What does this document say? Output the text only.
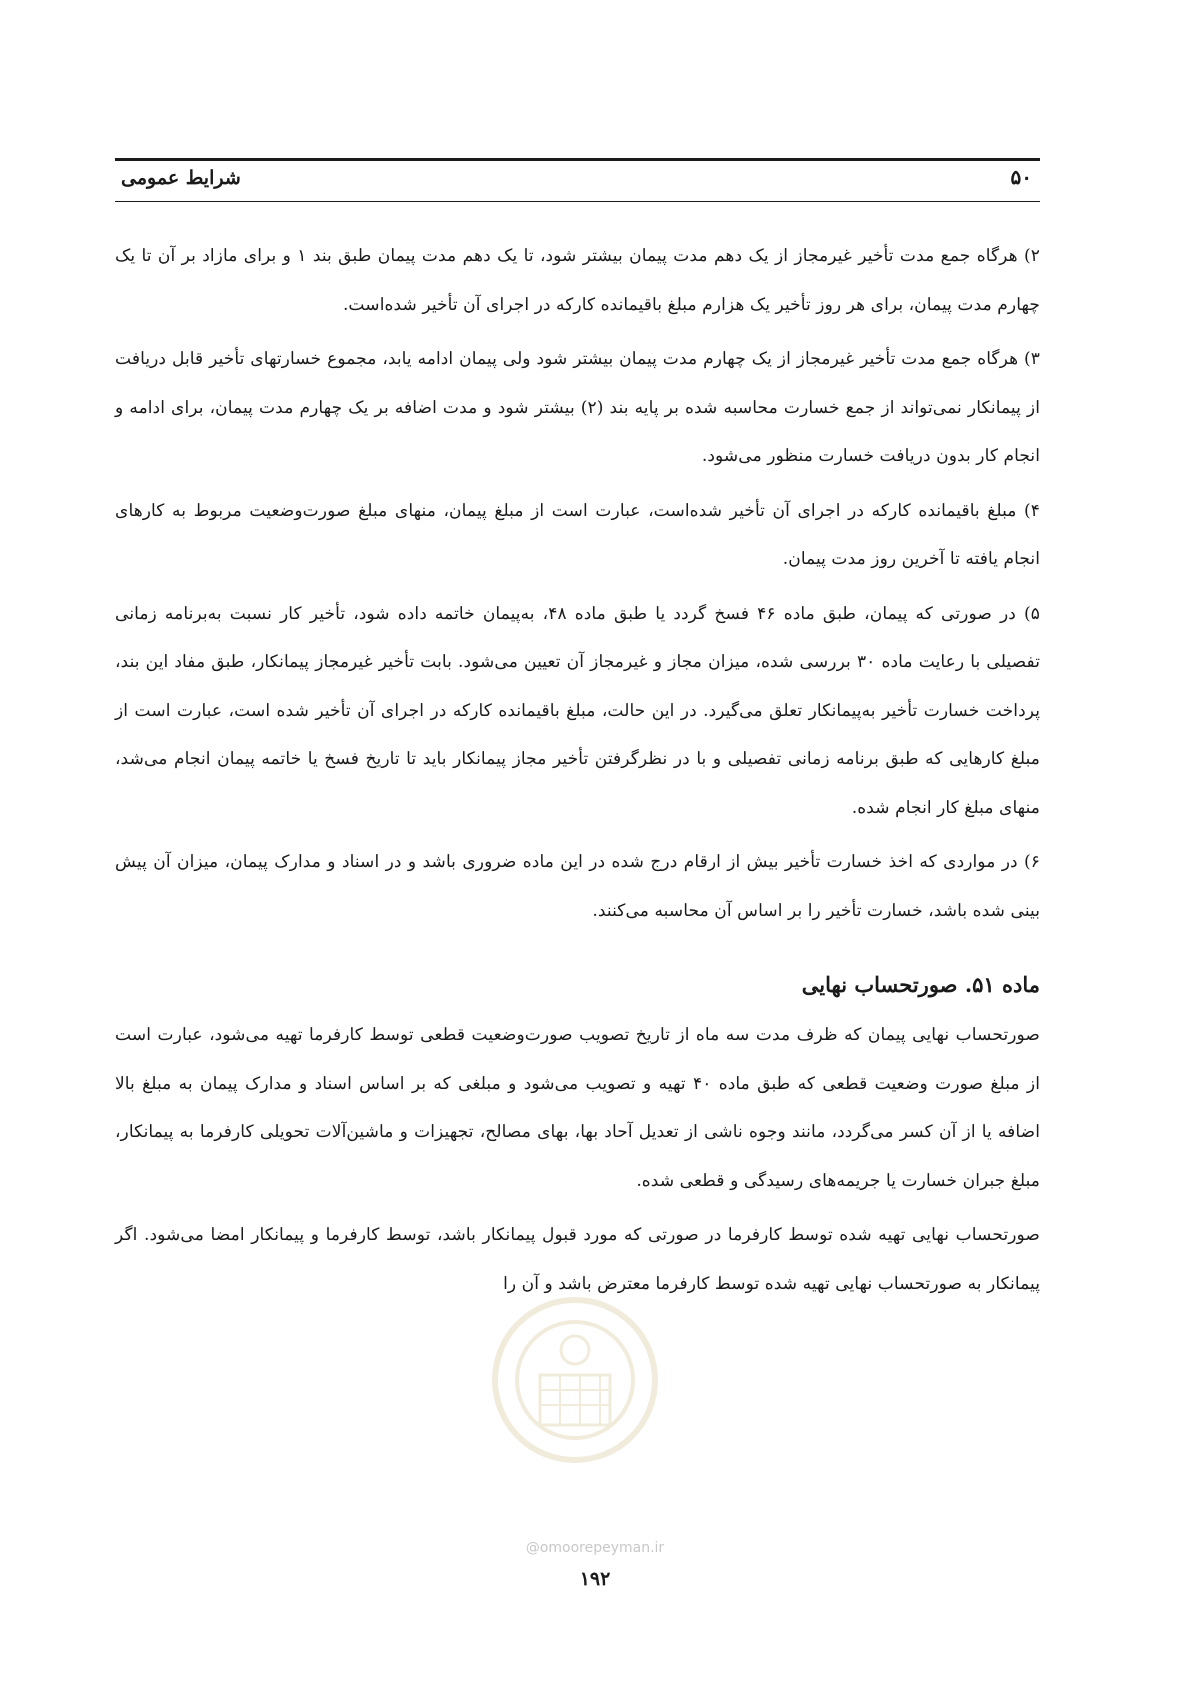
شرایط عمومی	۵۰

۲) هرگاه جمع مدت تأخیر غیرمجاز از یک دهم مدت پیمان بیشتر شود، تا یک دهم مدت پیمان طبق بند ۱ و برای مازاد بر آن تا یک چهارم مدت پیمان، برای هر روز تأخیر یک هزارم مبلغ باقیمانده کارکه در اجرای آن تأخیر شده‌است.

۳) هرگاه جمع مدت تأخیر غیرمجاز از یک چهارم مدت پیمان بیشتر شود ولی پیمان ادامه یابد، مجموع خسارتهای تأخیر قابل دریافت از پیمانکار نمی‌تواند از جمع خسارت محاسبه شده بر پایه بند (۲) بیشتر شود و مدت اضافه بر یک چهارم مدت پیمان، برای ادامه و انجام کار بدون دریافت خسارت منظور می‌شود.

۴) مبلغ باقیمانده کارکه در اجرای آن تأخیر شده‌است، عبارت است از مبلغ پیمان، منهای مبلغ صورت‌وضعیت مربوط به کارهای انجام یافته تا آخرین روز مدت پیمان.

۵) در صورتی که پیمان، طبق ماده ۴۶ فسخ گردد یا طبق ماده ۴۸، به‌پیمان خاتمه داده شود، تأخیر کار نسبت به‌برنامه زمانی تفصیلی با رعایت ماده ۳۰ بررسی شده، میزان مجاز و غیرمجاز آن تعیین می‌شود. بابت تأخیر غیرمجاز پیمانکار، طبق مفاد این بند، پرداخت خسارت تأخیر به‌پیمانکار تعلق می‌گیرد. در این حالت، مبلغ باقیمانده کارکه در اجرای آن تأخیر شده است، عبارت است از مبلغ کارهایی که طبق برنامه زمانی تفصیلی و با در نظرگرفتن تأخیر مجاز پیمانکار باید تا تاریخ فسخ یا خاتمه پیمان انجام می‌شد، منهای مبلغ کار انجام شده.

۶) در مواردی که اخذ خسارت تأخیر بیش از ارقام درج شده در این ماده ضروری باشد و در اسناد و مدارک پیمان، میزان آن پیش بینی شده باشد، خسارت تأخیر را بر اساس آن محاسبه می‌کنند.

ماده ۵۱. صورتحساب نهایی

صورتحساب نهایی پیمان که ظرف مدت سه ماه از تاریخ تصویب صورت‌وضعیت قطعی توسط کارفرما تهیه می‌شود، عبارت است از مبلغ صورت وضعیت قطعی که طبق ماده ۴۰ تهیه و تصویب می‌شود و مبلغی که بر اساس اسناد و مدارک پیمان به مبلغ بالا اضافه یا از آن کسر می‌گردد، مانند وجوه ناشی از تعدیل آحاد بها، بهای مصالح، تجهیزات و ماشین‌آلات تحویلی کارفرما به پیمانکار، مبلغ جبران خسارت یا جریمه‌های رسیدگی و قطعی شده.

صورتحساب نهایی تهیه شده توسط کارفرما در صورتی که مورد قبول پیمانکار باشد، توسط کارفرما و پیمانکار امضا می‌شود. اگر پیمانکار به صورتحساب نهایی تهیه شده توسط کارفرما معترض باشد و آن را

@omoorepeyman.ir
۱۹۲
